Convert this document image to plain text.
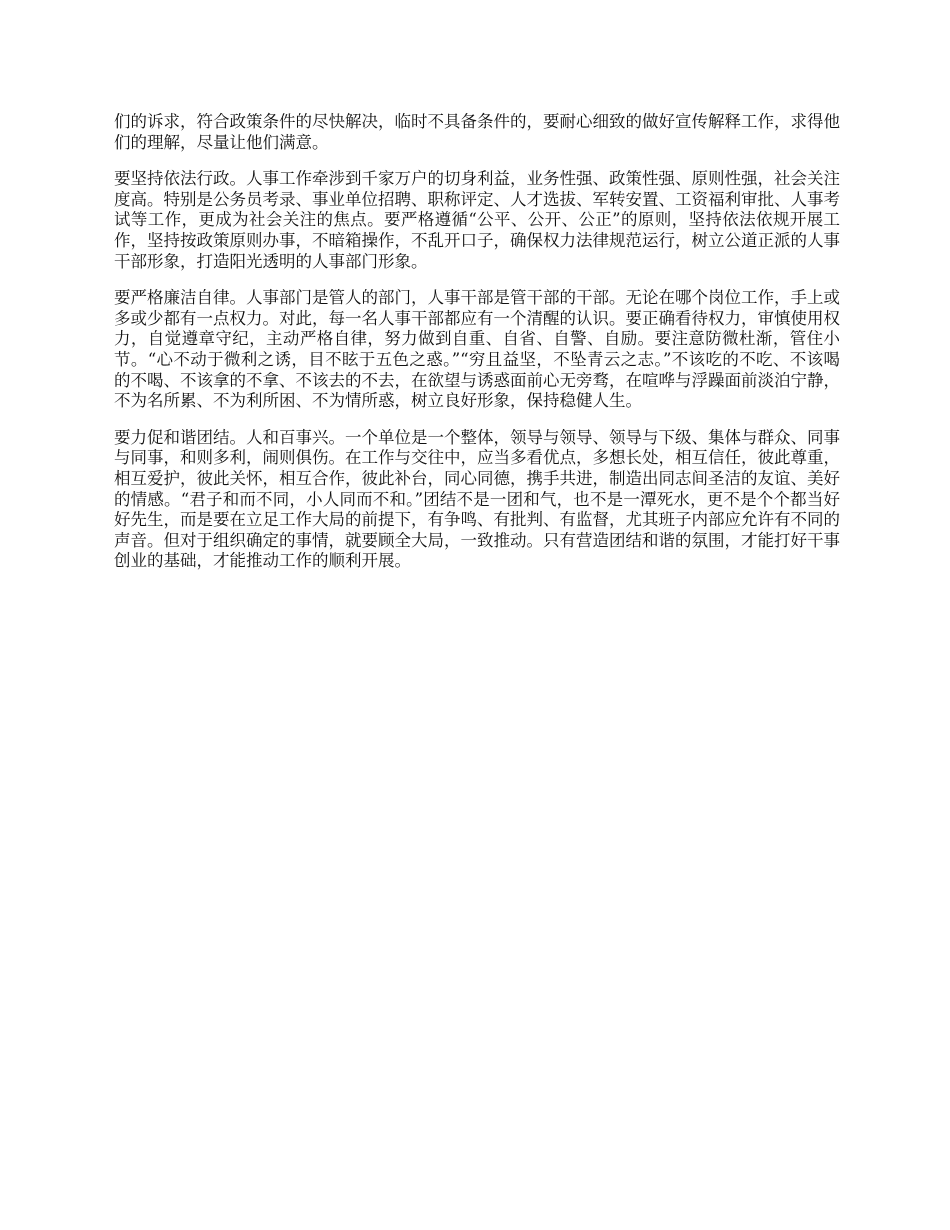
们的诉求，符合政策条件的尽快解决，临时不具备条件的，要耐心细致的做好宣传解释工作，求得他们的理解，尽量让他们满意。

要坚持依法行政。人事工作牵涉到千家万户的切身利益，业务性强、政策性强、原则性强，社会关注度高。特别是公务员考录、事业单位招聘、职称评定、人才选拔、军转安置、工资福利审批、人事考试等工作，更成为社会关注的焦点。要严格遵循“公平、公开、公正”的原则，坚持依法依规开展工作，坚持按政策原则办事，不暗箱操作，不乱开口子，确保权力法律规范运行，树立公道正派的人事干部形象，打造阳光透明的人事部门形象。

要严格廉洁自律。人事部门是管人的部门，人事干部是管干部的干部。无论在哪个岗位工作，手上或多或少都有一点权力。对此，每一名人事干部都应有一个清醒的认识。要正确看待权力，审慎使用权力，自觉遵章守纪，主动严格自律，努力做到自重、自省、自警、自励。要注意防微杜渐，管住小节。“心不动于微利之诱，目不眩于五色之惑。”“穷且益坚，不坠青云之志。”不该吃的不吃、不该喝的不喝、不该拿的不拿、不该去的不去，在欲望与诱惑面前心无旁骛，在喧哗与浮躁面前淡泊宁静，不为名所累、不为利所困、不为情所惑，树立良好形象，保持稳健人生。

要力促和谐团结。人和百事兴。一个单位是一个整体，领导与领导、领导与下级、集体与群众、同事与同事，和则多利，闹则俱伤。在工作与交往中，应当多看优点，多想长处，相互信任，彼此尊重，相互爱护，彼此关怀，相互合作，彼此补台，同心同德，携手共进，制造出同志间圣洁的友谊、美好的情感。“君子和而不同，小人同而不和。”团结不是一团和气，也不是一潭死水，更不是个个都当好好先生，而是要在立足工作大局的前提下，有争鸣、有批判、有监督，尤其班子内部应允许有不同的声音。但对于组织确定的事情，就要顾全大局，一致推动。只有营造团结和谐的氛围，才能打好干事创业的基础，才能推动工作的顺利开展。
